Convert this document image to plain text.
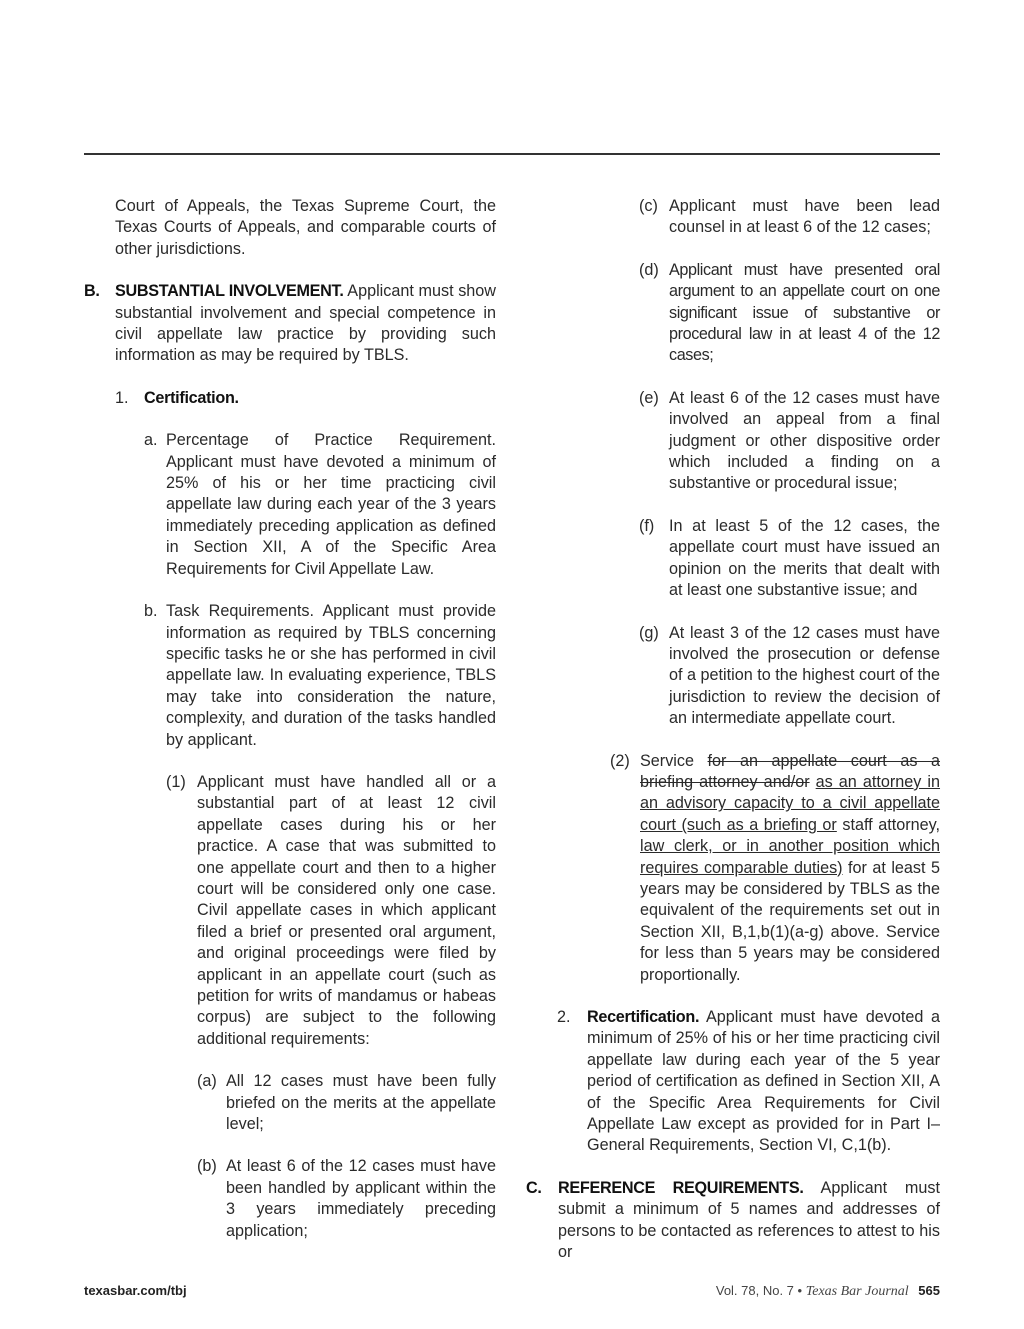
Court of Appeals, the Texas Supreme Court, the Texas Courts of Appeals, and comparable courts of other jurisdictions.

B. SUBSTANTIAL INVOLVEMENT. Applicant must show substantial involvement and special competence in civil appellate law practice by providing such information as may be required by TBLS.

1. Certification.

a. Percentage of Practice Requirement. Applicant must have devoted a minimum of 25% of his or her time practicing civil appellate law during each year of the 3 years immediately preceding application as defined in Section XII, A of the Specific Area Requirements for Civil Appellate Law.

b. Task Requirements. Applicant must provide information as required by TBLS concerning specific tasks he or she has performed in civil appellate law. In evaluating experience, TBLS may take into consideration the nature, complexity, and duration of the tasks handled by applicant.

(1) Applicant must have handled all or a substantial part of at least 12 civil appellate cases during his or her practice. A case that was submitted to one appellate court and then to a higher court will be considered only one case. Civil appellate cases in which applicant filed a brief or presented oral argument, and original proceedings were filed by applicant in an appellate court (such as petition for writs of mandamus or habeas corpus) are subject to the following additional requirements:

(a) All 12 cases must have been fully briefed on the merits at the appellate level;

(b) At least 6 of the 12 cases must have been handled by applicant within the 3 years immediately preceding application;

(c) Applicant must have been lead counsel in at least 6 of the 12 cases;

(d) Applicant must have presented oral argument to an appellate court on one significant issue of substantive or procedural law in at least 4 of the 12 cases;

(e) At least 6 of the 12 cases must have involved an appeal from a final judgment or other dispositive order which included a finding on a substantive or procedural issue;

(f) In at least 5 of the 12 cases, the appellate court must have issued an opinion on the merits that dealt with at least one substantive issue; and

(g) At least 3 of the 12 cases must have involved the prosecution or defense of a petition to the highest court of the jurisdiction to review the decision of an intermediate appellate court.

(2) Service for an appellate court as a briefing attorney and/or as an attorney in an advisory capacity to a civil appellate court (such as a briefing or staff attorney, law clerk, or in another position which requires comparable duties) for at least 5 years may be considered by TBLS as the equivalent of the requirements set out in Section XII, B,1,b(1)(a-g) above. Service for less than 5 years may be considered proportionally.

2. Recertification. Applicant must have devoted a minimum of 25% of his or her time practicing civil appellate law during each year of the 5 year period of certification as defined in Section XII, A of the Specific Area Requirements for Civil Appellate Law except as provided for in Part I–General Requirements, Section VI, C,1(b).

C. REFERENCE REQUIREMENTS. Applicant must submit a minimum of 5 names and addresses of persons to be contacted as references to attest to his or

texasbar.com/tbj	Vol. 78, No. 7 • Texas Bar Journal 565
